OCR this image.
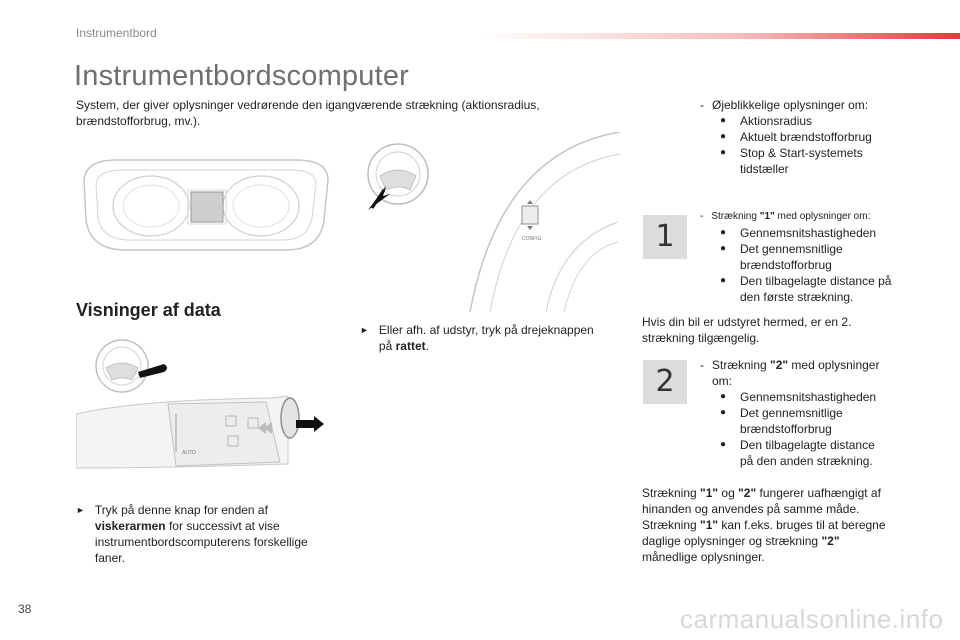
Instrumentbord
Instrumentbordscomputer
System, der giver oplysninger vedrørende den igangværende strækning (aktionsradius, brændstofforbrug, mv.).
CONFIG
Visninger af data
AUTO
► Tryk på denne knap for enden af viskerarmen for successivt at vise instrumentbordscomputerens forskellige faner.
► Eller afh. af udstyr, tryk på drejeknappen på rattet.
- Øjeblikkelige oplysninger om:
●	Aktionsradius
●	Aktuelt brændstofforbrug
●	Stop & Start-systemets tidstæller
1
- Strækning "1" med oplysninger om:
●	Gennemsnitshastigheden
●	Det gennemsnitlige brændstofforbrug
●	Den tilbagelagte distance på den første strækning.
Hvis din bil er udstyret hermed, er en 2. strækning tilgængelig.
2	- Strækning "2" med oplysninger om:
●	Gennemsnitshastigheden
●	Det gennemsnitlige brændstofforbrug
●	Den tilbagelagte distance på den anden strækning.
Strækning "1" og "2" fungerer uafhængigt af hinanden og anvendes på samme måde. Strækning "1" kan f.eks. bruges til at beregne daglige oplysninger og strækning "2" månedlige oplysninger.
38	carmanualsonline.info
